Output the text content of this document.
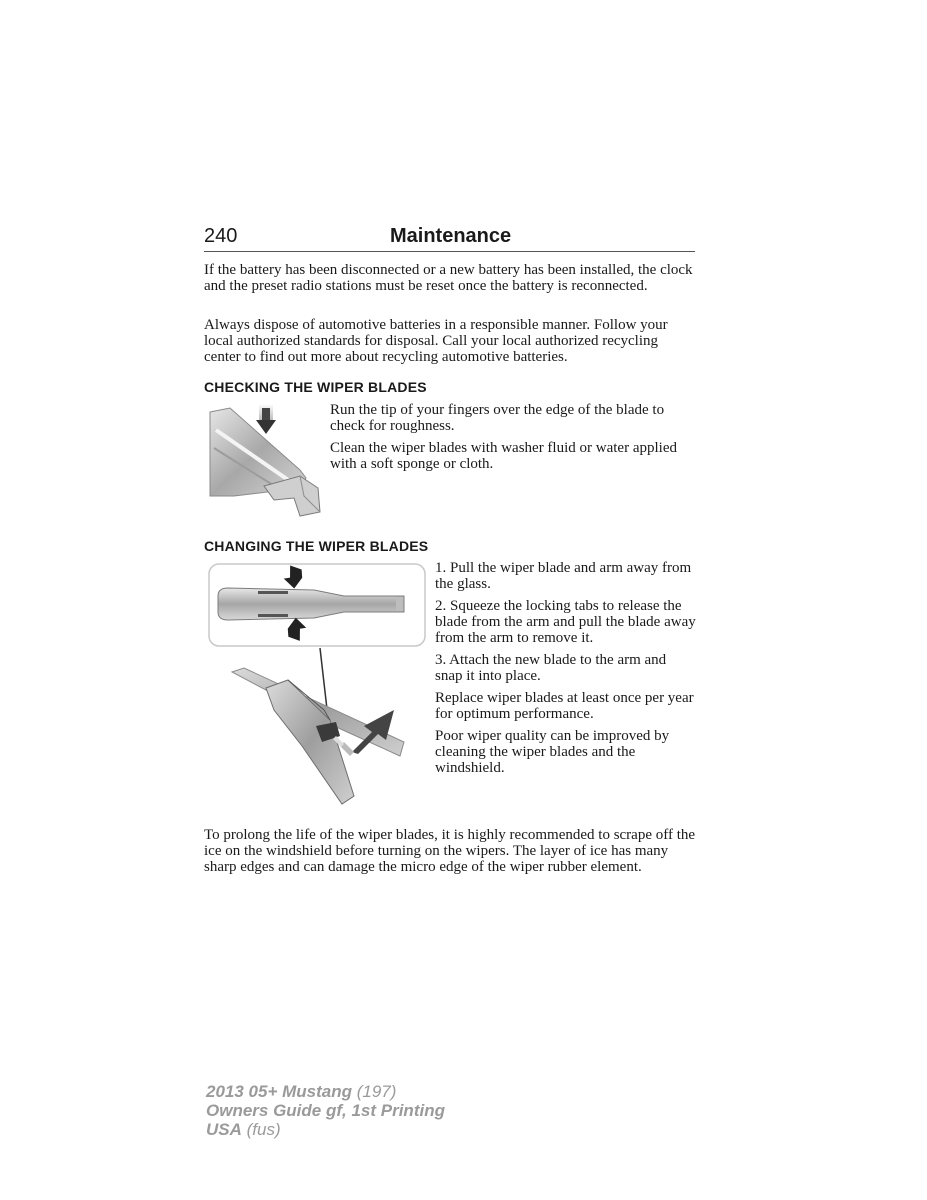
240	Maintenance

If the battery has been disconnected or a new battery has been installed, the clock and the preset radio stations must be reset once the battery is reconnected.

Always dispose of automotive batteries in a responsible manner. Follow your local authorized standards for disposal. Call your local authorized recycling center to find out more about recycling automotive batteries.

CHECKING THE WIPER BLADES

Run the tip of your fingers over the edge of the blade to check for roughness.

Clean the wiper blades with washer fluid or water applied with a soft sponge or cloth.

CHANGING THE WIPER BLADES

1. Pull the wiper blade and arm away from the glass.

2. Squeeze the locking tabs to release the blade from the arm and pull the blade away from the arm to remove it.

3. Attach the new blade to the arm and snap it into place.

Replace wiper blades at least once per year for optimum performance.

Poor wiper quality can be improved by cleaning the wiper blades and the windshield.

To prolong the life of the wiper blades, it is highly recommended to scrape off the ice on the windshield before turning on the wipers. The layer of ice has many sharp edges and can damage the micro edge of the wiper rubber element.

2013 05+ Mustang (197)
Owners Guide gf, 1st Printing
USA (fus)
